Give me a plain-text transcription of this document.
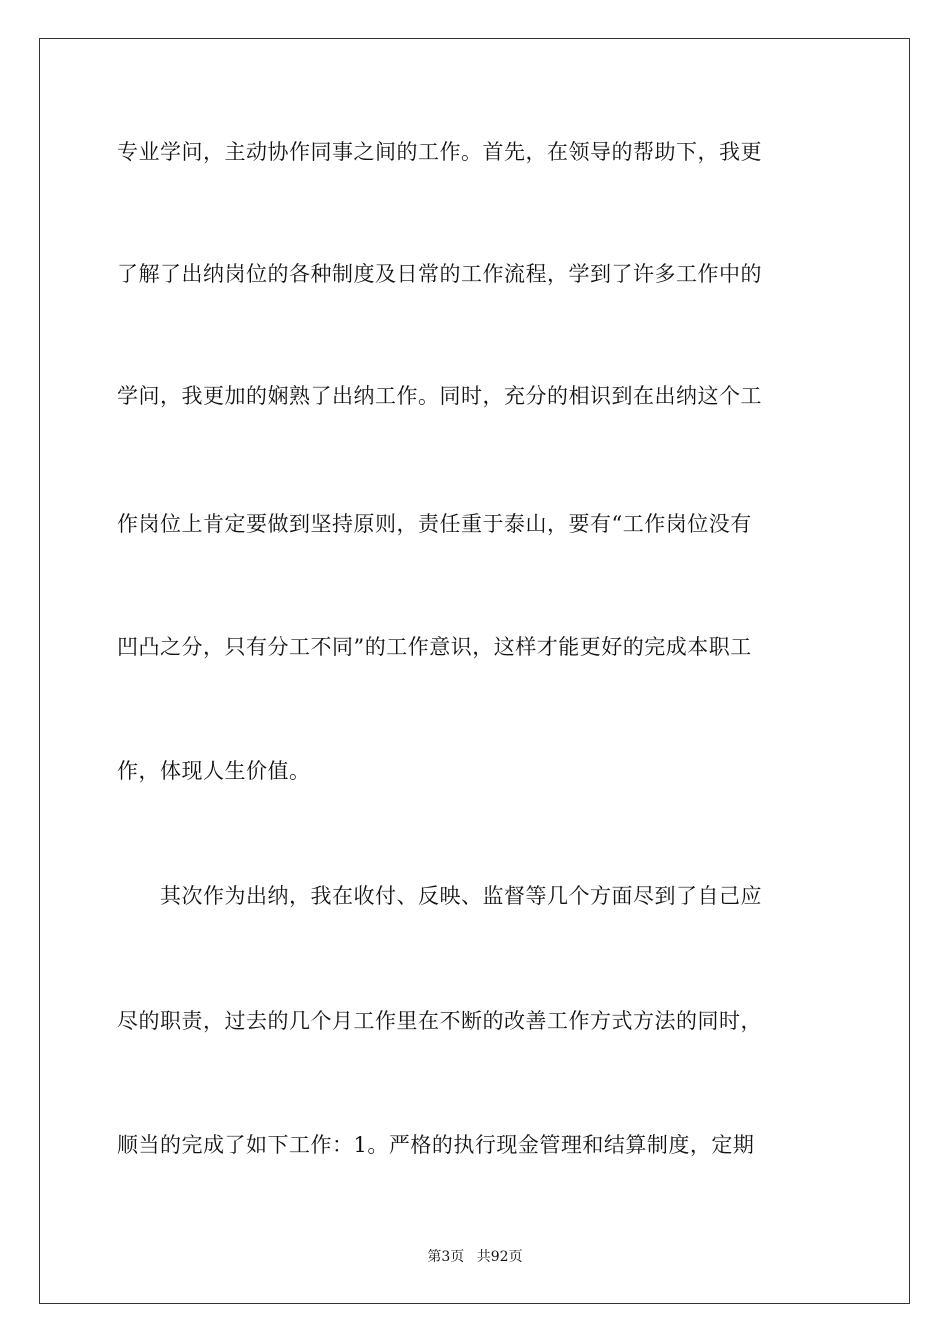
专业学问，主动协作同事之间的工作。首先，在领导的帮助下，我更
了解了出纳岗位的各种制度及日常的工作流程，学到了许多工作中的
学问，我更加的娴熟了出纳工作。同时，充分的相识到在出纳这个工
作岗位上肯定要做到坚持原则，责任重于泰山，要有“工作岗位没有
凹凸之分，只有分工不同”的工作意识，这样才能更好的完成本职工
作，体现人生价值。
　　其次作为出纳，我在收付、反映、监督等几个方面尽到了自己应
尽的职责，过去的几个月工作里在不断的改善工作方式方法的同时，
顺当的完成了如下工作：1。严格的执行现金管理和结算制度，定期
第3页 共92页
